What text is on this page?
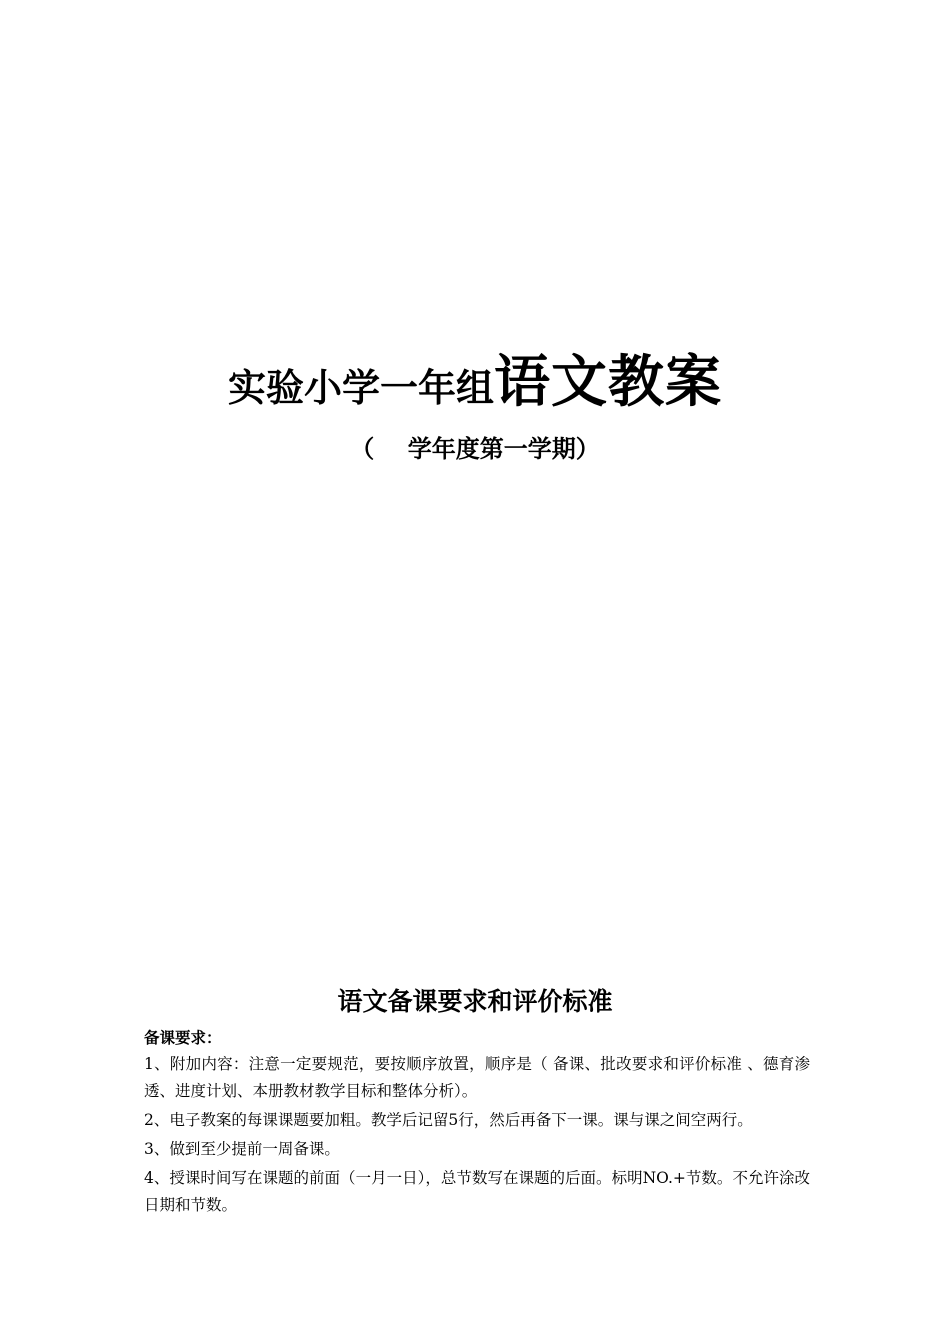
实验小学一年组语文教案
（    学年度第一学期）
语文备课要求和评价标准

备课要求：

1、附加内容：注意一定要规范，要按顺序放置，顺序是（ 备课、批改要求和评价标准 、德育渗透、进度计划、本册教材教学目标和整体分析）。

2、电子教案的每课课题要加粗。教学后记留5行，然后再备下一课。课与课之间空两行。

3、做到至少提前一周备课。

4、授课时间写在课题的前面（一月一日），总节数写在课题的后面。标明NO.+节数。不允许涂改日期和节数。
